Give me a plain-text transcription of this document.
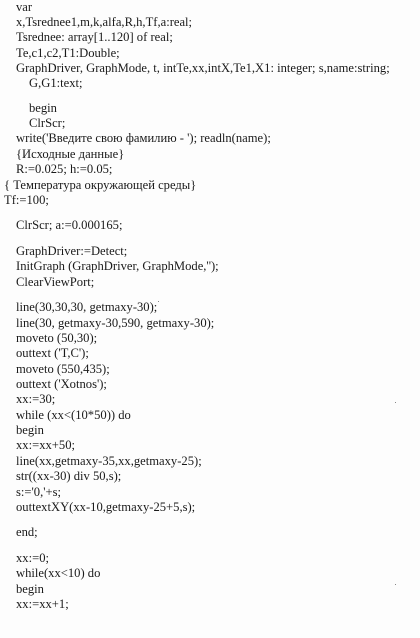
var
x,Tsrednee1,m,k,alfa,R,h,Tf,a:real;
Tsrednee: array[1..120] of real;
Te,c1,c2,T1:Double;
GraphDriver, GraphMode, t, intTe,xx,intX,Te1,X1: integer; s,name:string;
G,G1:text;
begin
ClrScr;
write('Введите свою фамилию - '); readln(name);
{Исходные данные}
R:=0.025; h:=0.05;
{ Температура окружающей среды}
Tf:=100;
ClrScr; a:=0.000165;
GraphDriver:=Detect;
InitGraph (GraphDriver, GraphMode,'');
ClearViewPort;
line(30,30,30, getmaxy-30);
line(30, getmaxy-30,590, getmaxy-30);
moveto (50,30);
outtext ('T,C');
moveto (550,435);
outtext ('Xotnos');
xx:=30;
while (xx<(10*50)) do
begin
xx:=xx+50;
line(xx,getmaxy-35,xx,getmaxy-25);
str((xx-30) div 50,s);
s:='0,'+s;
outtextXY(xx-10,getmaxy-25+5,s);
end;
xx:=0;
while(xx<10) do
begin
xx:=xx+1;
